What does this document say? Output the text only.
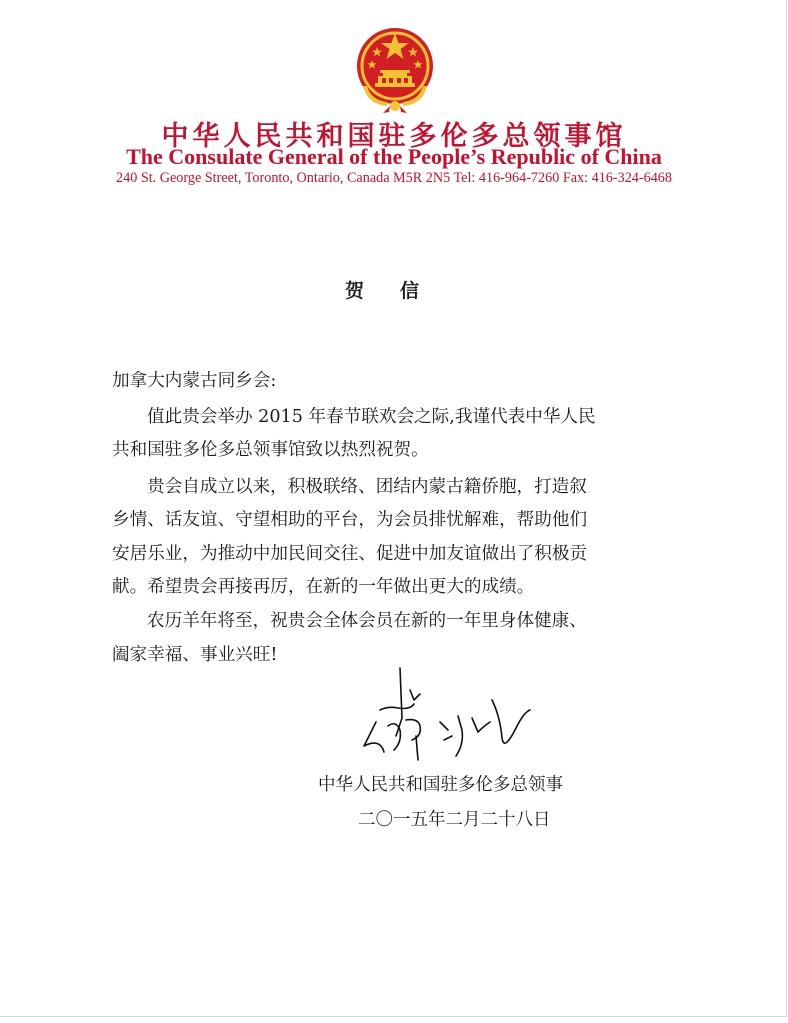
中华人民共和国驻多伦多总领事馆
The Consulate General of the People’s Republic of China
240 St. George Street, Toronto, Ontario, Canada M5R 2N5 Tel: 416-964-7260 Fax: 416-324-6468
贺信
加拿大内蒙古同乡会:
值此贵会举办 2015 年春节联欢会之际,我谨代表中华人民
共和国驻多伦多总领事馆致以热烈祝贺。
贵会自成立以来，积极联络、团结内蒙古籍侨胞，打造叙
乡情、话友谊、守望相助的平台，为会员排忧解难，帮助他们
安居乐业，为推动中加民间交往、促进中加友谊做出了积极贡
献。希望贵会再接再厉，在新的一年做出更大的成绩。
农历羊年将至，祝贵会全体会员在新的一年里身体健康、
阖家幸福、事业兴旺!
中华人民共和国驻多伦多总领事
二〇一五年二月二十八日
